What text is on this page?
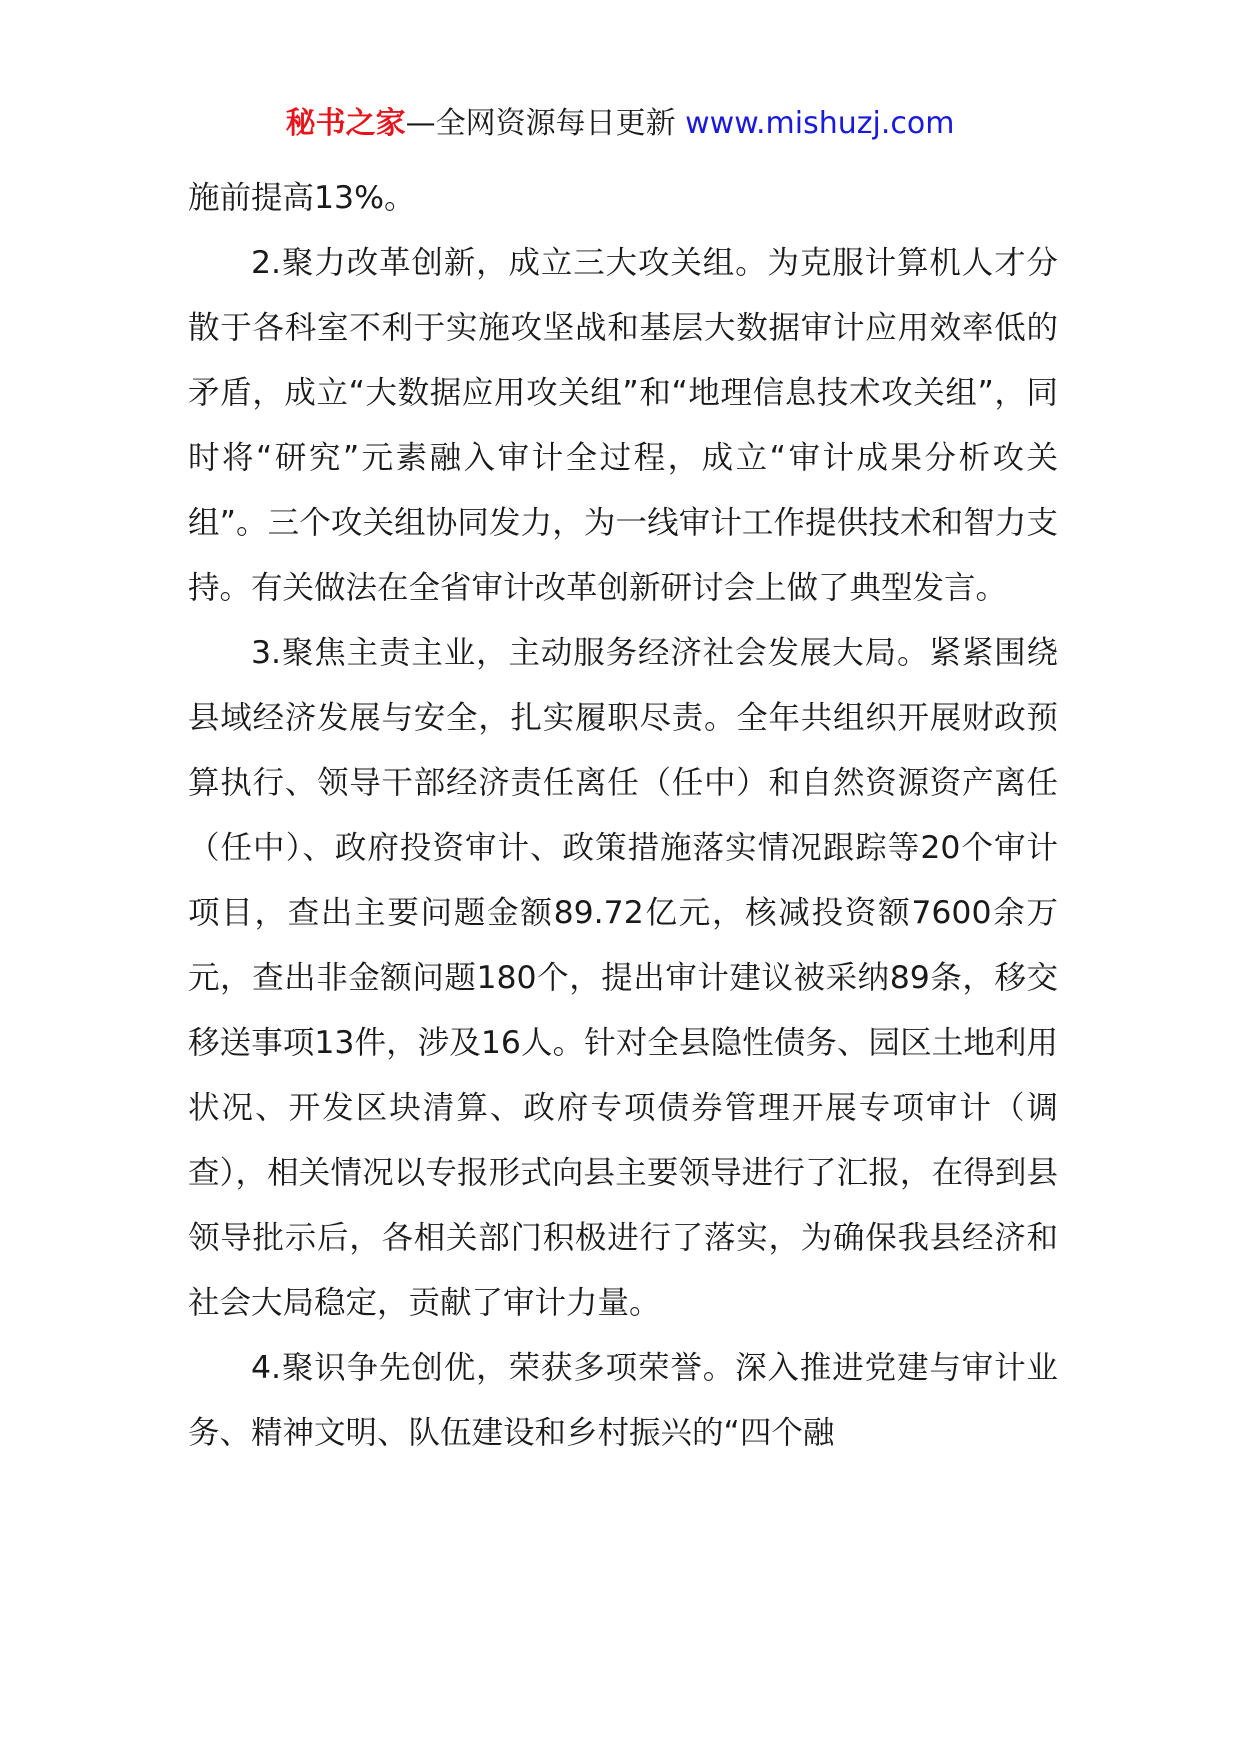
秘书之家—全网资源每日更新 www.mishuzj.com

施前提高13%。

2.聚力改革创新，成立三大攻关组。为克服计算机人才分散于各科室不利于实施攻坚战和基层大数据审计应用效率低的矛盾，成立“大数据应用攻关组”和“地理信息技术攻关组”，同时将“研究”元素融入审计全过程，成立“审计成果分析攻关组”。三个攻关组协同发力，为一线审计工作提供技术和智力支持。有关做法在全省审计改革创新研讨会上做了典型发言。

3.聚焦主责主业，主动服务经济社会发展大局。紧紧围绕县域经济发展与安全，扎实履职尽责。全年共组织开展财政预算执行、领导干部经济责任离任（任中）和自然资源资产离任（任中）、政府投资审计、政策措施落实情况跟踪等20个审计项目，查出主要问题金额89.72亿元，核减投资额7600余万元，查出非金额问题180个，提出审计建议被采纳89条，移交移送事项13件，涉及16人。针对全县隐性债务、园区土地利用状况、开发区块清算、政府专项债券管理开展专项审计（调查），相关情况以专报形式向县主要领导进行了汇报，在得到县领导批示后，各相关部门积极进行了落实，为确保我县经济和社会大局稳定，贡献了审计力量。

4.聚识争先创优，荣获多项荣誉。深入推进党建与审计业务、精神文明、队伍建设和乡村振兴的“四个融
